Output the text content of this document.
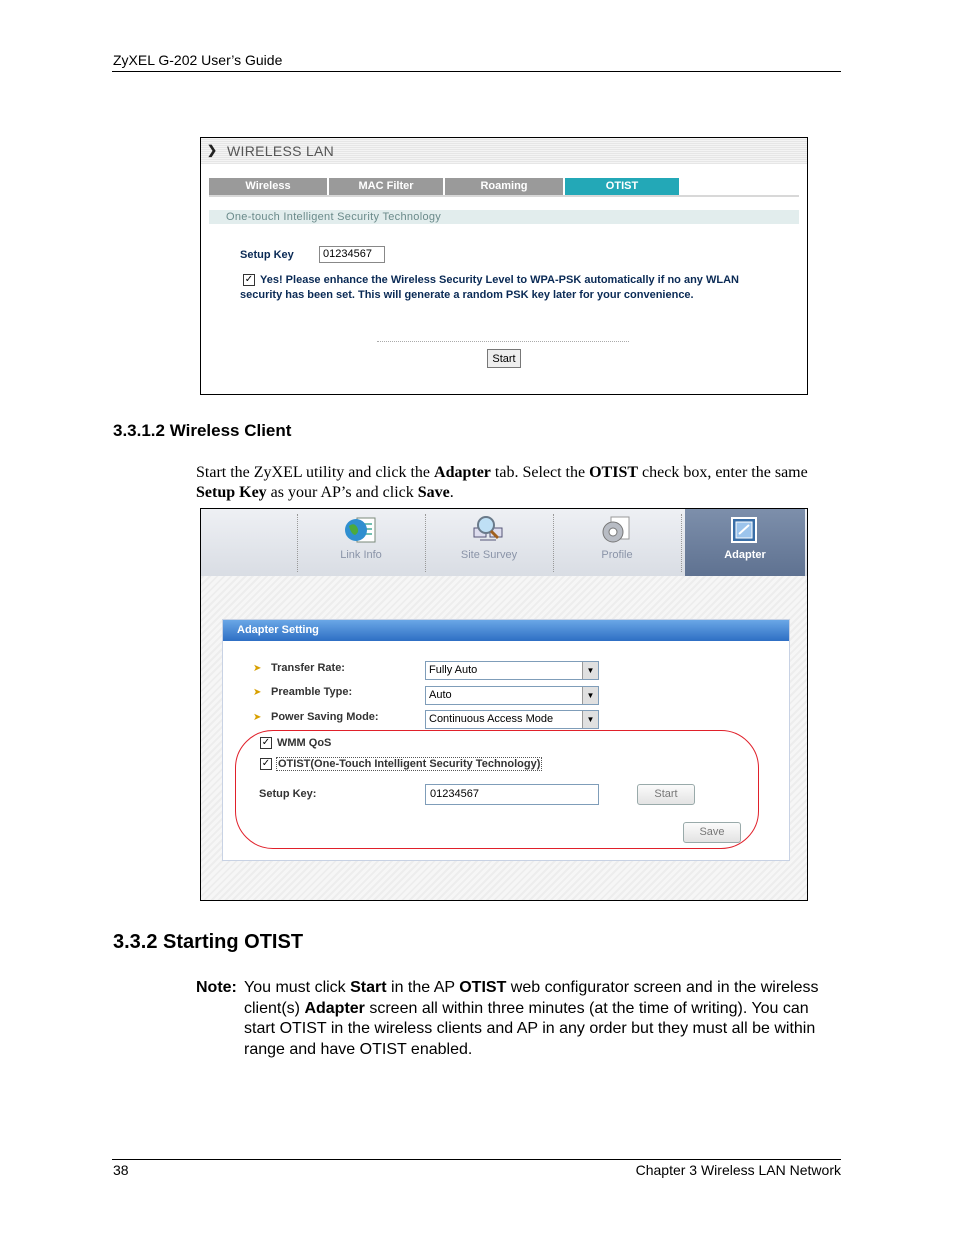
ZyXEL G-202 User’s Guide
❯ WIRELESS LAN
Wireless	MAC Filter	Roaming	OTIST
One-touch Intelligent Security Technology
Setup Key	01234567
Yes! Please enhance the Wireless Security Level to WPA-PSK automatically if no any WLAN security has been set. This will generate a random PSK key later for your convenience.
✓
Start
3.3.1.2 Wireless Client
Start the ZyXEL utility and click the Adapter tab. Select the OTIST check box, enter the same Setup Key as your AP’s and click Save.
Link Info	Site Survey	Profile	Adapter
Adapter Setting
➤ Transfer Rate:	Fully Auto	▼
➤ Preamble Type:	Auto	▼
➤ Power Saving Mode:	Continuous Access Mode	▼
✓ WMM QoS
✓ OTIST(One-Touch Intelligent Security Technology)
Setup Key:	01234567	Start
Save
3.3.2 Starting OTIST
Note: You must click Start in the AP OTIST web configurator screen and in the wireless client(s) Adapter screen all within three minutes (at the time of writing). You can start OTIST in the wireless clients and AP in any order but they must all be within range and have OTIST enabled.
38	Chapter 3 Wireless LAN Network
